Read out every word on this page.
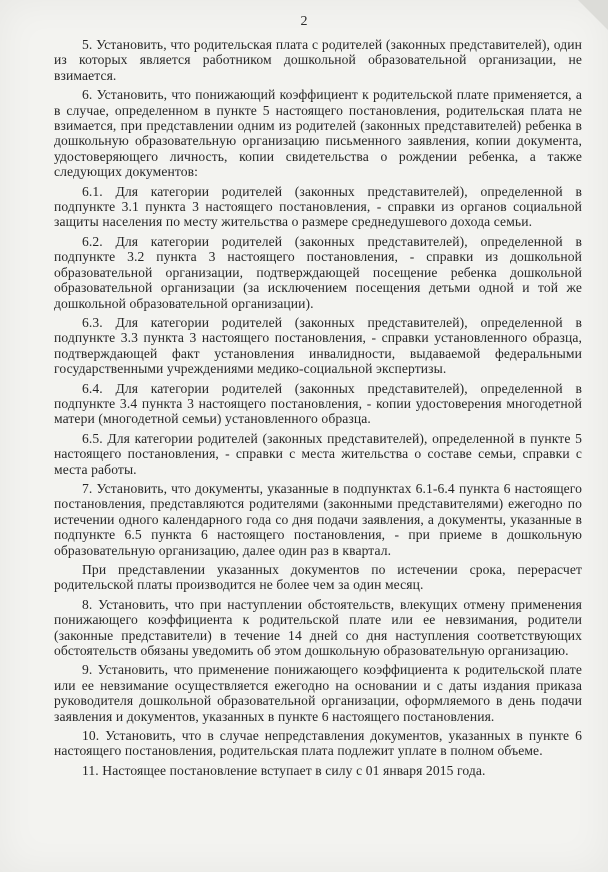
2

5. Установить, что родительская плата с родителей (законных представителей), один из которых является работником дошкольной образовательной организации, не взимается.

6. Установить, что понижающий коэффициент к родительской плате применяется, а в случае, определенном в пункте 5 настоящего постановления, родительская плата не взимается, при представлении одним из родителей (законных представителей) ребенка в дошкольную образовательную организацию письменного заявления, копии документа, удостоверяющего личность, копии свидетельства о рождении ребенка, а также следующих документов:

6.1. Для категории родителей (законных представителей), определенной в подпункте 3.1 пункта 3 настоящего постановления, - справки из органов социальной защиты населения по месту жительства о размере среднедушевого дохода семьи.

6.2. Для категории родителей (законных представителей), определенной в подпункте 3.2 пункта 3 настоящего постановления, - справки из дошкольной образовательной организации, подтверждающей посещение ребенка дошкольной образовательной организации (за исключением посещения детьми одной и той же дошкольной образовательной организации).

6.3. Для категории родителей (законных представителей), определенной в подпункте 3.3 пункта 3 настоящего постановления, - справки установленного образца, подтверждающей факт установления инвалидности, выдаваемой федеральными государственными учреждениями медико-социальной экспертизы.

6.4. Для категории родителей (законных представителей), определенной в подпункте 3.4 пункта 3 настоящего постановления, - копии удостоверения многодетной матери (многодетной семьи) установленного образца.

6.5. Для категории родителей (законных представителей), определенной в пункте 5 настоящего постановления, - справки с места жительства о составе семьи, справки с места работы.

7. Установить, что документы, указанные в подпунктах 6.1-6.4 пункта 6 настоящего постановления, представляются родителями (законными представителями) ежегодно по истечении одного календарного года со дня подачи заявления, а документы, указанные в подпункте 6.5 пункта 6 настоящего постановления, - при приеме в дошкольную образовательную организацию, далее один раз в квартал.

При представлении указанных документов по истечении срока, перерасчет родительской платы производится не более чем за один месяц.

8. Установить, что при наступлении обстоятельств, влекущих отмену применения понижающего коэффициента к родительской плате или ее невзимания, родители (законные представители) в течение 14 дней со дня наступления соответствующих обстоятельств обязаны уведомить об этом дошкольную образовательную организацию.

9. Установить, что применение понижающего коэффициента к родительской плате или ее невзимание осуществляется ежегодно на основании и с даты издания приказа руководителя дошкольной образовательной организации, оформляемого в день подачи заявления и документов, указанных в пункте 6 настоящего постановления.

10. Установить, что в случае непредставления документов, указанных в пункте 6 настоящего постановления, родительская плата подлежит уплате в полном объеме.

11. Настоящее постановление вступает в силу с 01 января 2015 года.
